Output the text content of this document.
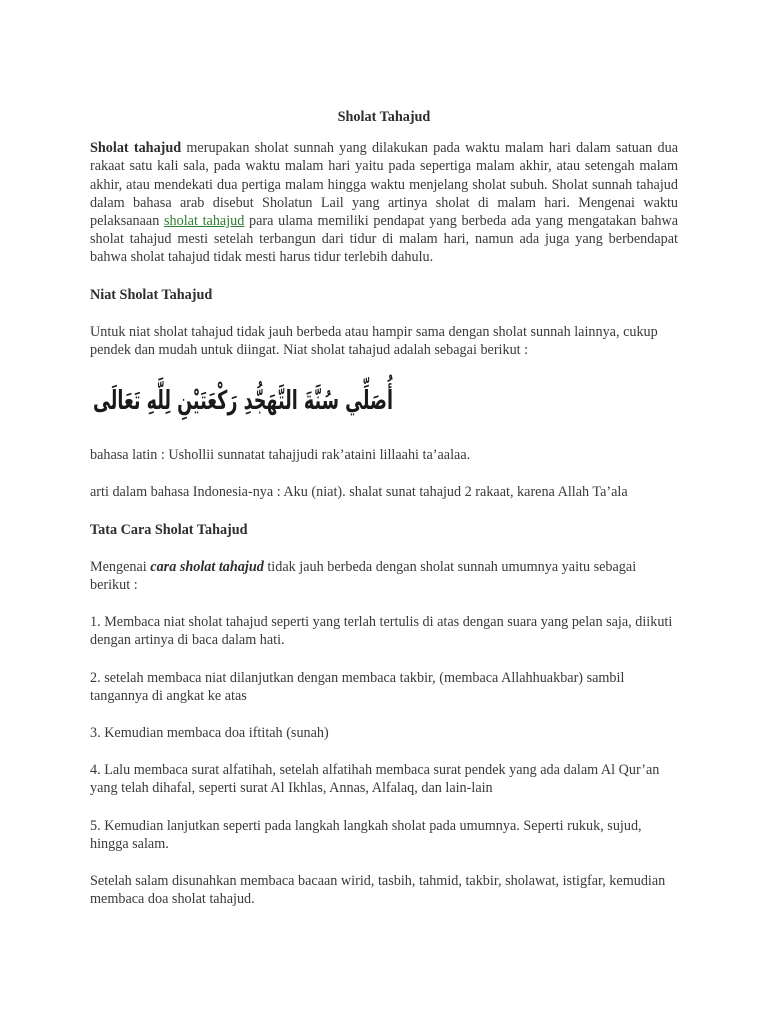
Sholat Tahajud

Sholat tahajud merupakan sholat sunnah yang dilakukan pada waktu malam hari dalam satuan dua rakaat satu kali sala, pada waktu malam hari yaitu pada sepertiga malam akhir, atau setengah malam akhir, atau mendekati dua pertiga malam hingga waktu menjelang sholat subuh. Sholat sunnah tahajud dalam bahasa arab disebut Sholatun Lail yang artinya sholat di malam hari. Mengenai waktu pelaksanaan sholat tahajud para ulama memiliki pendapat yang berbeda ada yang mengatakan bahwa sholat tahajud mesti setelah terbangun dari tidur di malam hari, namun ada juga yang berbendapat bahwa sholat tahajud tidak mesti harus tidur terlebih dahulu.

Niat Sholat Tahajud

Untuk niat sholat tahajud tidak jauh berbeda atau hampir sama dengan sholat sunnah lainnya, cukup pendek dan mudah untuk diingat. Niat sholat tahajud adalah sebagai berikut :

أُصَلِّي سُنَّةَ التَّهَجُّدِ رَكْعَتَيْنِ لِلَّهِ تَعَالَى

bahasa latin : Ushollii sunnatat tahajjudi rak’ataini lillaahi ta’aalaa.

arti dalam bahasa Indonesia-nya : Aku (niat). shalat sunat tahajud 2 rakaat, karena Allah Ta’ala

Tata Cara Sholat Tahajud

Mengenai cara sholat tahajud tidak jauh berbeda dengan sholat sunnah umumnya yaitu sebagai berikut :

1. Membaca niat sholat tahajud seperti yang terlah tertulis di atas dengan suara yang pelan saja, diikuti dengan artinya di baca dalam hati.

2. setelah membaca niat dilanjutkan dengan membaca takbir, (membaca Allahhuakbar) sambil tangannya di angkat ke atas

3. Kemudian membaca doa iftitah (sunah)

4. Lalu membaca surat alfatihah, setelah alfatihah membaca surat pendek yang ada dalam Al Qur’an yang telah dihafal, seperti surat Al Ikhlas, Annas, Alfalaq, dan lain-lain

5. Kemudian lanjutkan seperti pada langkah langkah sholat pada umumnya. Seperti rukuk, sujud, hingga salam.

Setelah salam disunahkan membaca bacaan wirid, tasbih, tahmid, takbir, sholawat, istigfar, kemudian membaca doa sholat tahajud.
